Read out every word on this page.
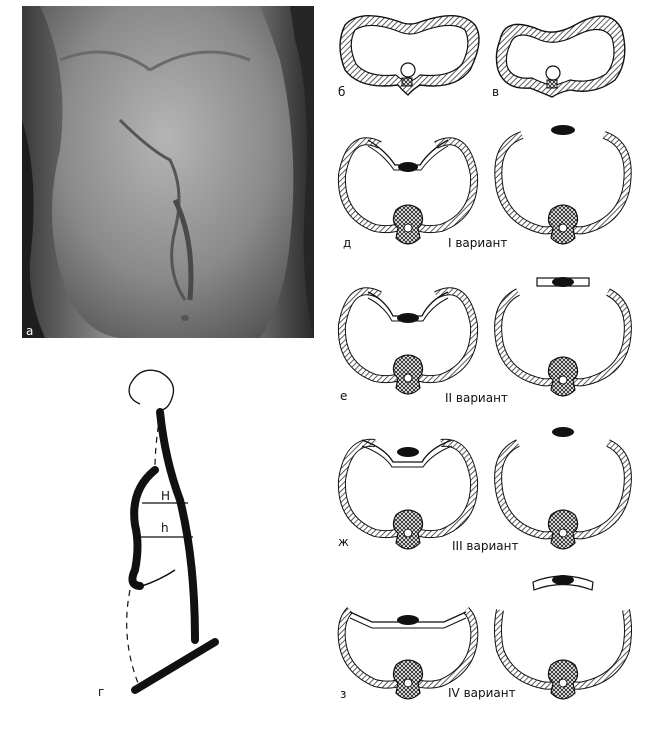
а
б	в
г
H
h
д	I вариант
е	II вариант
ж	III вариант
з	IV вариант
